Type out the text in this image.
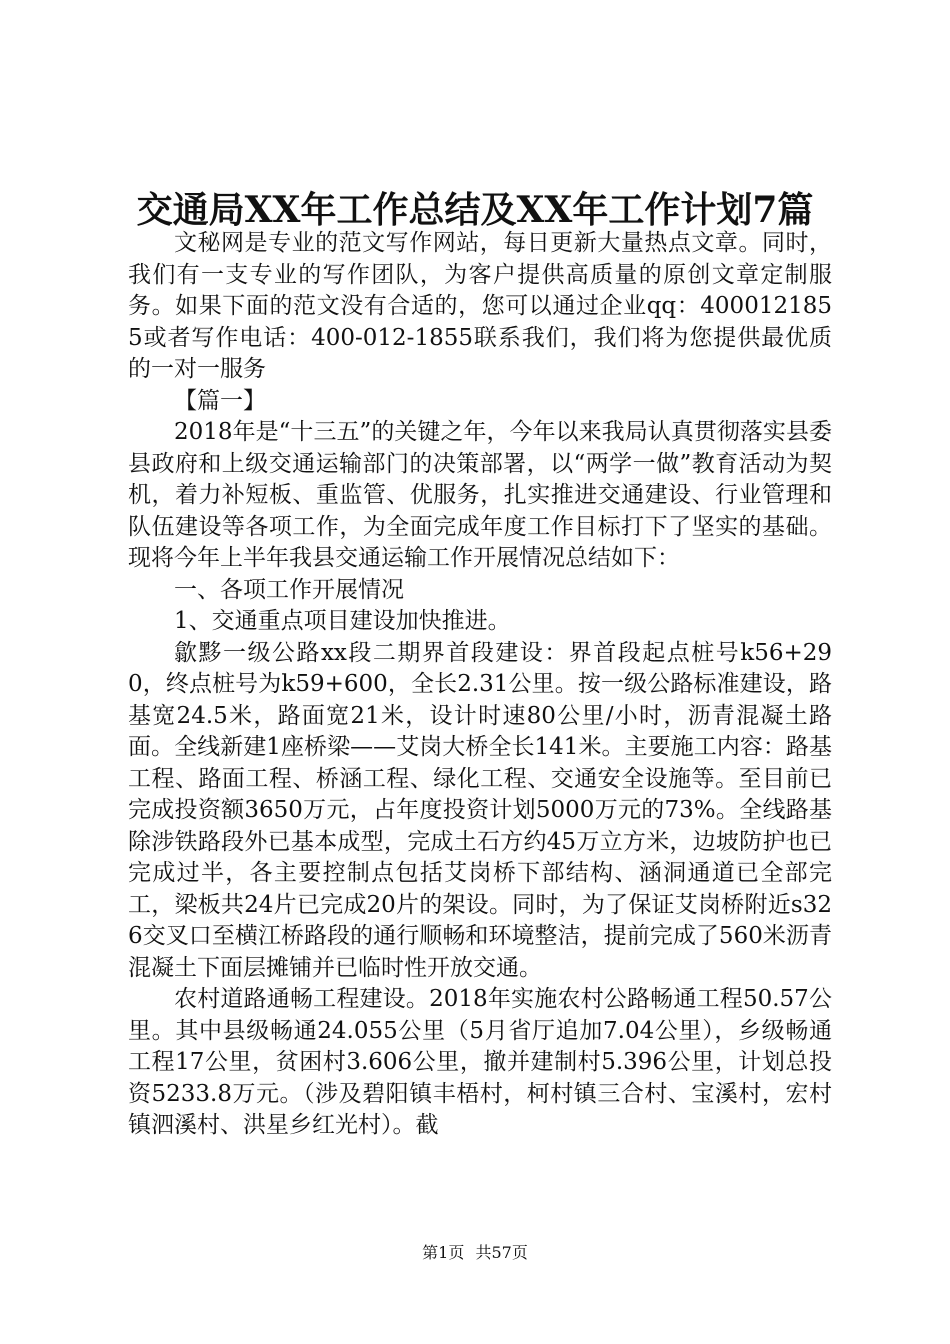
交通局XX年工作总结及XX年工作计划7篇

文秘网是专业的范文写作网站，每日更新大量热点文章。同时，我们有一支专业的写作团队，为客户提供高质量的原创文章定制服务。如果下面的范文没有合适的，您可以通过企业qq：4000121855或者写作电话：400-012-1855联系我们，我们将为您提供最优质的一对一服务

【篇一】

2018年是“十三五”的关键之年，今年以来我局认真贯彻落实县委县政府和上级交通运输部门的决策部署，以“两学一做”教育活动为契机，着力补短板、重监管、优服务，扎实推进交通建设、行业管理和队伍建设等各项工作，为全面完成年度工作目标打下了坚实的基础。现将今年上半年我县交通运输工作开展情况总结如下：

一、各项工作开展情况

1、交通重点项目建设加快推进。

歙黟一级公路xx段二期界首段建设：界首段起点桩号k56+290，终点桩号为k59+600，全长2.31公里。按一级公路标准建设，路基宽24.5米，路面宽21米，设计时速80公里/小时，沥青混凝土路面。全线新建1座桥梁——艾岗大桥全长141米。主要施工内容：路基工程、路面工程、桥涵工程、绿化工程、交通安全设施等。至目前已完成投资额3650万元，占年度投资计划5000万元的73%。全线路基除涉铁路段外已基本成型，完成土石方约45万立方米，边坡防护也已完成过半，各主要控制点包括艾岗桥下部结构、涵洞通道已全部完工，梁板共24片已完成20片的架设。同时，为了保证艾岗桥附近s326交叉口至横江桥路段的通行顺畅和环境整洁，提前完成了560米沥青混凝土下面层摊铺并已临时性开放交通。

农村道路通畅工程建设。2018年实施农村公路畅通工程50.57公里。其中县级畅通24.055公里（5月省厅追加7.04公里），乡级畅通工程17公里，贫困村3.606公里，撤并建制村5.396公里，计划总投资5233.8万元。（涉及碧阳镇丰梧村，柯村镇三合村、宝溪村，宏村镇泗溪村、洪星乡红光村）。截

第1页 共57页
